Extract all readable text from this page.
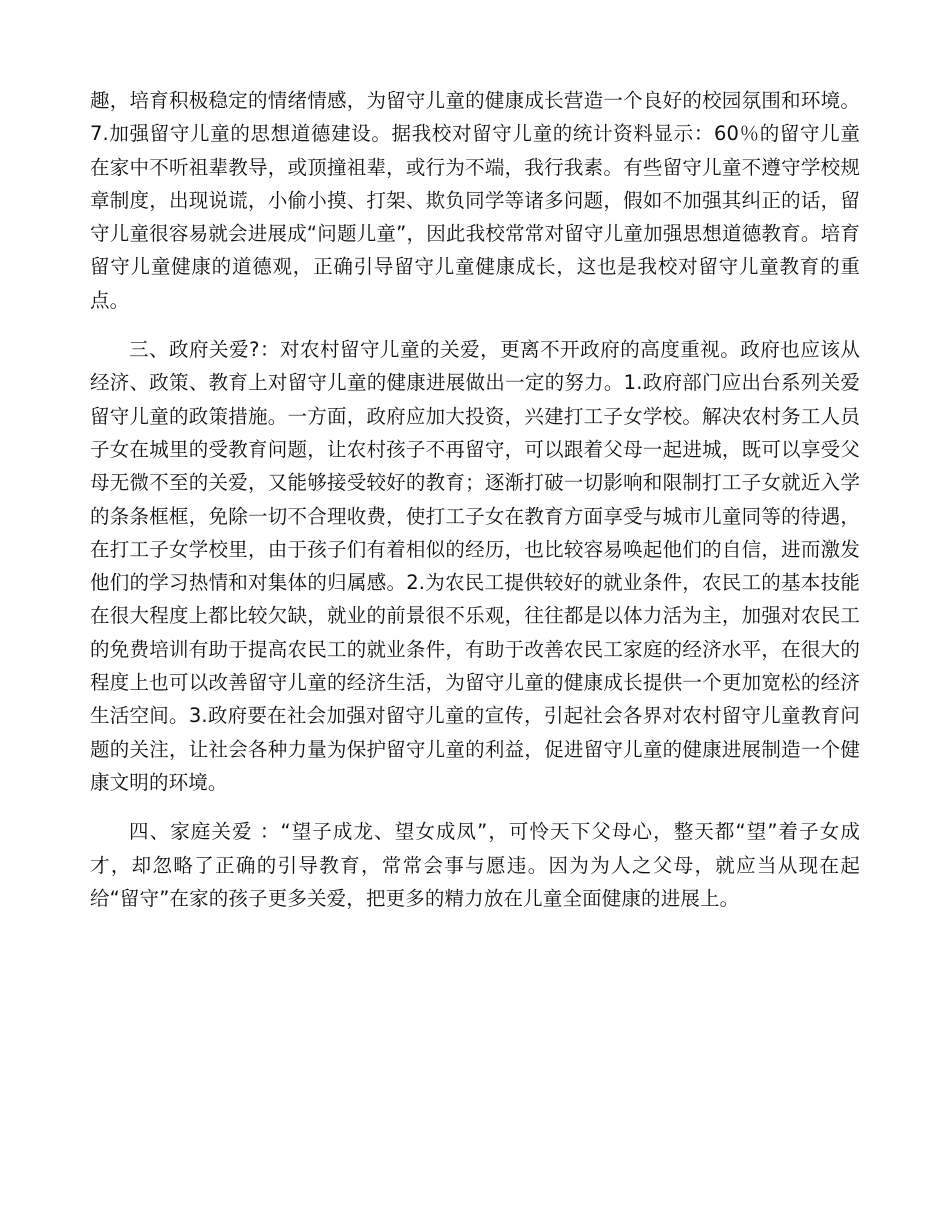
趣，培育积极稳定的情绪情感，为留守儿童的健康成长营造一个良好的校园氛围和环境。7.加强留守儿童的思想道德建设。据我校对留守儿童的统计资料显示：60％的留守儿童在家中不听祖辈教导，或顶撞祖辈，或行为不端，我行我素。有些留守儿童不遵守学校规章制度，出现说谎，小偷小摸、打架、欺负同学等诸多问题，假如不加强其纠正的话，留守儿童很容易就会进展成“问题儿童”，因此我校常常对留守儿童加强思想道德教育。培育留守儿童健康的道德观，正确引导留守儿童健康成长，这也是我校对留守儿童教育的重点。

三、政府关爱?：对农村留守儿童的关爱，更离不开政府的高度重视。政府也应该从经济、政策、教育上对留守儿童的健康进展做出一定的努力。1.政府部门应出台系列关爱留守儿童的政策措施。一方面，政府应加大投资，兴建打工子女学校。解决农村务工人员子女在城里的受教育问题，让农村孩子不再留守，可以跟着父母一起进城，既可以享受父母无微不至的关爱，又能够接受较好的教育；逐渐打破一切影响和限制打工子女就近入学的条条框框，免除一切不合理收费，使打工子女在教育方面享受与城市儿童同等的待遇，在打工子女学校里，由于孩子们有着相似的经历，也比较容易唤起他们的自信，进而激发他们的学习热情和对集体的归属感。2.为农民工提供较好的就业条件，农民工的基本技能在很大程度上都比较欠缺，就业的前景很不乐观，往往都是以体力活为主，加强对农民工的免费培训有助于提高农民工的就业条件，有助于改善农民工家庭的经济水平，在很大的程度上也可以改善留守儿童的经济生活，为留守儿童的健康成长提供一个更加宽松的经济生活空间。3.政府要在社会加强对留守儿童的宣传，引起社会各界对农村留守儿童教育问题的关注，让社会各种力量为保护留守儿童的利益，促进留守儿童的健康进展制造一个健康文明的环境。

四、家庭关爱 ：“望子成龙、望女成凤”，可怜天下父母心，整天都“望”着子女成才，却忽略了正确的引导教育，常常会事与愿违。因为为人之父母，就应当从现在起给“留守”在家的孩子更多关爱，把更多的精力放在儿童全面健康的进展上。
